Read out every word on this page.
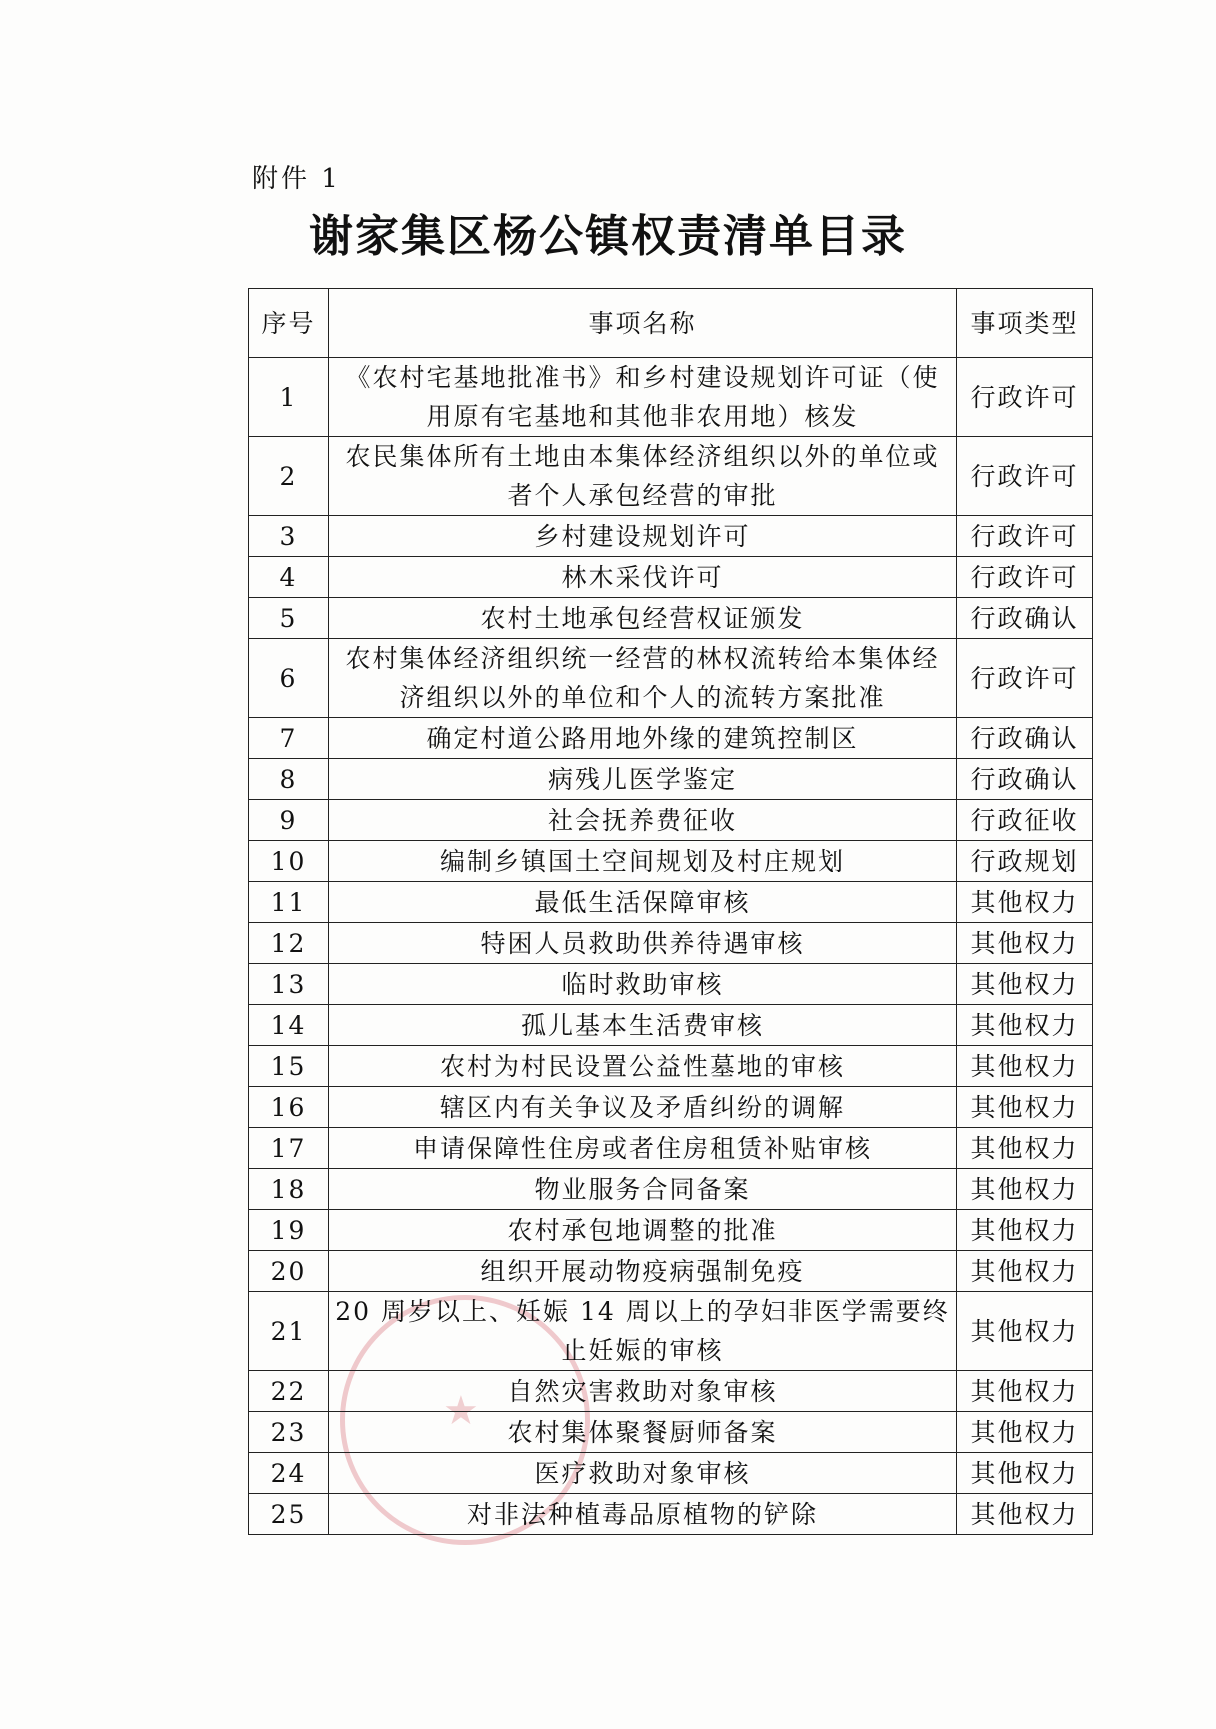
附件 1
谢家集区杨公镇权责清单目录
★
序号	事项名称	事项类型
1	《农村宅基地批准书》和乡村建设规划许可证（使用原有宅基地和其他非农用地）核发	行政许可
2	农民集体所有土地由本集体经济组织以外的单位或者个人承包经营的审批	行政许可
3	乡村建设规划许可	行政许可
4	林木采伐许可	行政许可
5	农村土地承包经营权证颁发	行政确认
6	农村集体经济组织统一经营的林权流转给本集体经济组织以外的单位和个人的流转方案批准	行政许可
7	确定村道公路用地外缘的建筑控制区	行政确认
8	病残儿医学鉴定	行政确认
9	社会抚养费征收	行政征收
10	编制乡镇国土空间规划及村庄规划	行政规划
11	最低生活保障审核	其他权力
12	特困人员救助供养待遇审核	其他权力
13	临时救助审核	其他权力
14	孤儿基本生活费审核	其他权力
15	农村为村民设置公益性墓地的审核	其他权力
16	辖区内有关争议及矛盾纠纷的调解	其他权力
17	申请保障性住房或者住房租赁补贴审核	其他权力
18	物业服务合同备案	其他权力
19	农村承包地调整的批准	其他权力
20	组织开展动物疫病强制免疫	其他权力
21	20 周岁以上、妊娠 14 周以上的孕妇非医学需要终止妊娠的审核	其他权力
22	自然灾害救助对象审核	其他权力
23	农村集体聚餐厨师备案	其他权力
24	医疗救助对象审核	其他权力
25	对非法种植毒品原植物的铲除	其他权力
